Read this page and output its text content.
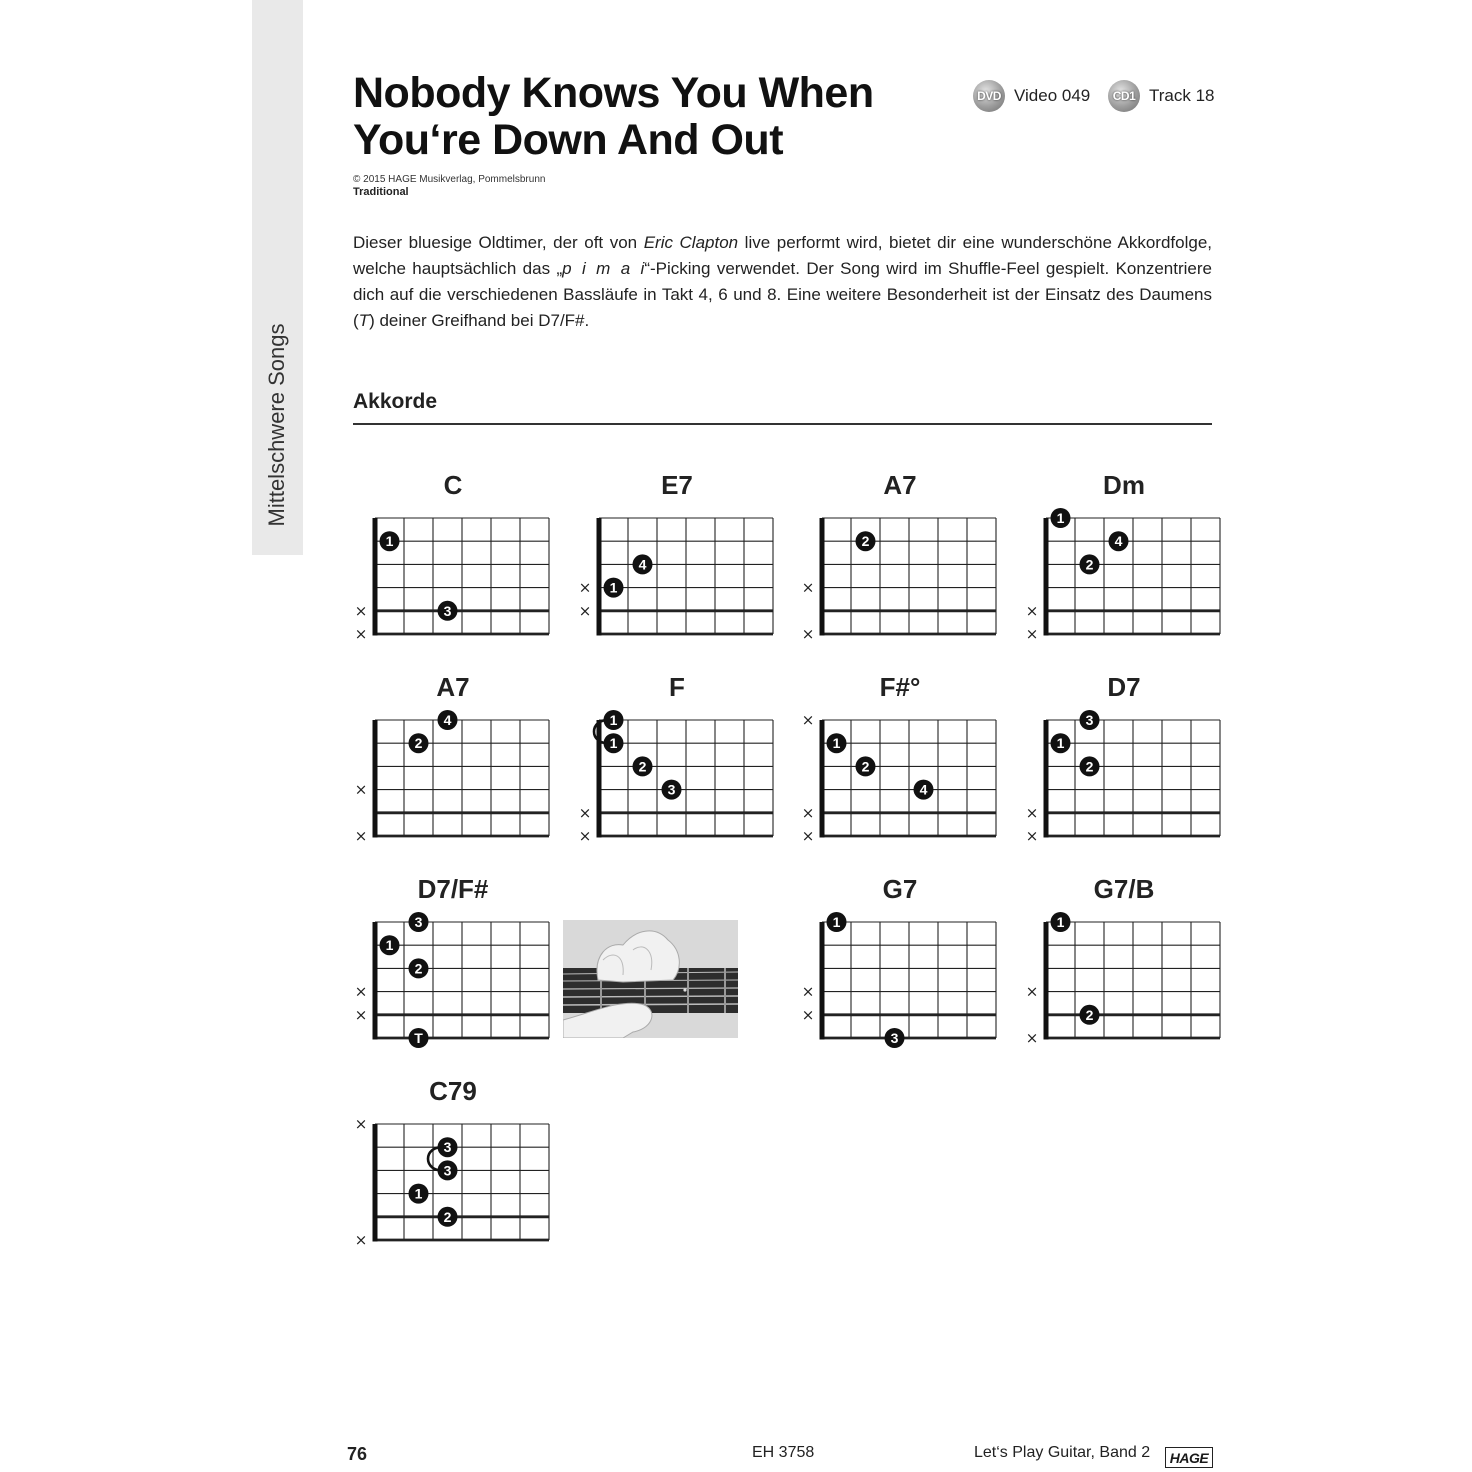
Mittelschwere Songs
Nobody Knows You When
You‘re Down And Out
DVD Video 049	CD1 Track 18
© 2015 HAGE Musikverlag, Pommelsbrunn
Traditional

Dieser bluesige Oldtimer, der oft von Eric Clapton live performt wird, bietet dir eine wunderschöne Akkordfolge, welche hauptsächlich das „p i m a i“-Picking verwendet. Der Song wird im Shuffle-Feel gespielt. Konzentriere dich auf die verschiedenen Bassläufe in Takt 4, 6 und 8. Eine weitere Besonderheit ist der Einsatz des Daumens (T) deiner Greifhand bei D7/F#.

Akkorde
C
×
×
1
3
E7
×
×
4
1
A7
×
×
2
Dm
×
×
1
4
2
A7
×
×
4
2
F
×
×
1
1
2
3
F#°
×
×
×
1
2
4
D7
×
×
3
1
2
D7/F#
×
×
3
1
2
T
G7
×
×
1
3
G7/B
×
×
1
2
C79
×
×
3
3
1
2
76	EH 3758	Let‘s Play Guitar, Band 2	HAGE
